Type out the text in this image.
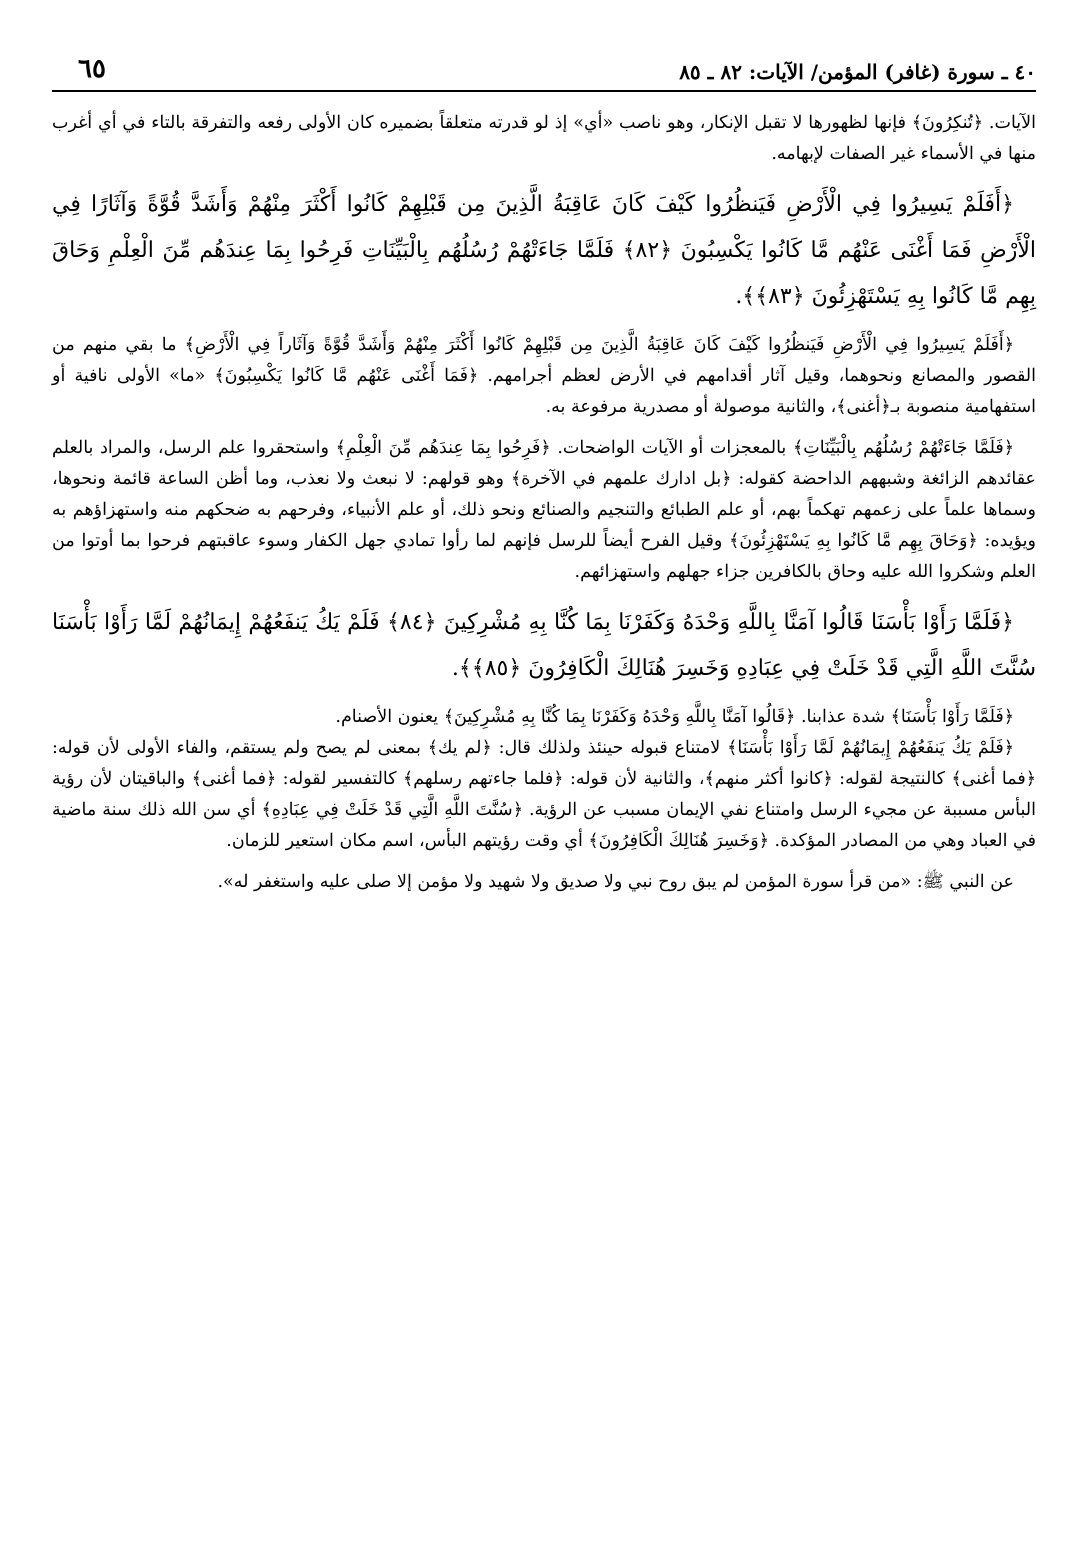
٤٠ ـ سورة (غافر) المؤمن/ الآيات: ٨٢ ـ ٨٥
٦٥

الآيات. ﴿تُنكِرُونَ﴾ فإنها لظهورها لا تقبل الإنكار، وهو ناصب «أي» إذ لو قدرته متعلقاً بضميره كان الأولى رفعه والتفرقة بالتاء في أي أغرب منها في الأسماء غير الصفات لإبهامه.

﴿أَفَلَمْ يَسِيرُوا فِي الْأَرْضِ فَيَنظُرُوا كَيْفَ كَانَ عَاقِبَةُ الَّذِينَ مِن قَبْلِهِمْ كَانُوا أَكْثَرَ مِنْهُمْ وَأَشَدَّ قُوَّةً وَآثَارًا فِي الْأَرْضِ فَمَا أَغْنَى عَنْهُم مَّا كَانُوا يَكْسِبُونَ ﴿٨٢﴾ فَلَمَّا جَاءَتْهُمْ رُسُلُهُم بِالْبَيِّنَاتِ فَرِحُوا بِمَا عِندَهُم مِّنَ الْعِلْمِ وَحَاقَ بِهِم مَّا كَانُوا بِهِ يَسْتَهْزِئُونَ ﴿٨٣﴾﴾.

﴿أَفَلَمْ يَسِيرُوا فِي الْأَرْضِ فَيَنظُرُوا كَيْفَ كَانَ عَاقِبَةُ الَّذِينَ مِن قَبْلِهِمْ كَانُوا أَكْثَرَ مِنْهُمْ وَأَشَدَّ قُوَّةً وَآثَاراً فِي الْأَرْضِ﴾ ما بقي منهم من القصور والمصانع ونحوهما، وقيل آثار أقدامهم في الأرض لعظم أجرامهم. ﴿فَمَا أَغْنَى عَنْهُم مَّا كَانُوا يَكْسِبُونَ﴾ «ما» الأولى نافية أو استفهامية منصوبة بـ﴿أغنى﴾، والثانية موصولة أو مصدرية مرفوعة به.

﴿فَلَمَّا جَاءَتْهُمْ رُسُلُهُم بِالْبَيِّنَاتِ﴾ بالمعجزات أو الآيات الواضحات. ﴿فَرِحُوا بِمَا عِندَهُم مِّنَ الْعِلْمِ﴾ واستحقروا علم الرسل، والمراد بالعلم عقائدهم الزائغة وشبههم الداحضة كقوله: ﴿بل ادارك علمهم في الآخرة﴾ وهو قولهم: لا نبعث ولا نعذب، وما أظن الساعة قائمة ونحوها، وسماها علماً على زعمهم تهكماً بهم، أو علم الطبائع والتنجيم والصنائع ونحو ذلك، أو علم الأنبياء، وفرحهم به ضحكهم منه واستهزاؤهم به ويؤيده: ﴿وَحَاقَ بِهِم مَّا كَانُوا بِهِ يَسْتَهْزِئُونَ﴾ وقيل الفرح أيضاً للرسل فإنهم لما رأوا تمادي جهل الكفار وسوء عاقبتهم فرحوا بما أوتوا من العلم وشكروا الله عليه وحاق بالكافرين جزاء جهلهم واستهزائهم.

﴿فَلَمَّا رَأَوْا بَأْسَنَا قَالُوا آمَنَّا بِاللَّهِ وَحْدَهُ وَكَفَرْنَا بِمَا كُنَّا بِهِ مُشْرِكِينَ ﴿٨٤﴾ فَلَمْ يَكُ يَنفَعُهُمْ إِيمَانُهُمْ لَمَّا رَأَوْا بَأْسَنَا سُنَّتَ اللَّهِ الَّتِي قَدْ خَلَتْ فِي عِبَادِهِ وَخَسِرَ هُنَالِكَ الْكَافِرُونَ ﴿٨٥﴾﴾.

﴿فَلَمَّا رَأَوْا بَأْسَنَا﴾ شدة عذابنا. ﴿قَالُوا آمَنَّا بِاللَّهِ وَحْدَهُ وَكَفَرْنَا بِمَا كُنَّا بِهِ مُشْرِكِينَ﴾ يعنون الأصنام.

﴿فَلَمْ يَكُ يَنفَعُهُمْ إِيمَانُهُمْ لَمَّا رَأَوْا بَأْسَنَا﴾ لامتناع قبوله حينئذ ولذلك قال: ﴿لم يك﴾ بمعنى لم يصح ولم يستقم، والفاء الأولى لأن قوله: ﴿فما أغنى﴾ كالنتيجة لقوله: ﴿كانوا أكثر منهم﴾، والثانية لأن قوله: ﴿فلما جاءتهم رسلهم﴾ كالتفسير لقوله: ﴿فما أغنى﴾ والباقيتان لأن رؤية البأس مسببة عن مجيء الرسل وامتناع نفي الإيمان مسبب عن الرؤية. ﴿سُنَّتَ اللَّهِ الَّتِي قَدْ خَلَتْ فِي عِبَادِهِ﴾ أي سن الله ذلك سنة ماضية في العباد وهي من المصادر المؤكدة. ﴿وَخَسِرَ هُنَالِكَ الْكَافِرُونَ﴾ أي وقت رؤيتهم البأس، اسم مكان استعير للزمان.

عن النبي ﷺ: «من قرأ سورة المؤمن لم يبق روح نبي ولا صديق ولا شهيد ولا مؤمن إلا صلى عليه واستغفر له».
